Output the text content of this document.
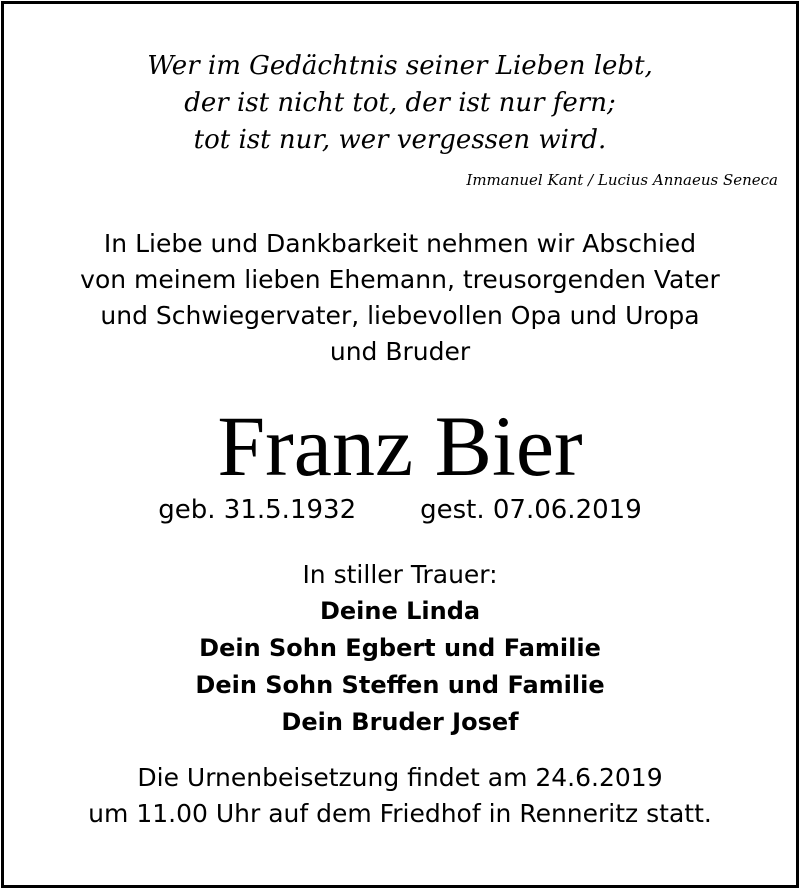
Wer im Gedächtnis seiner Lieben lebt,
der ist nicht tot, der ist nur fern;
tot ist nur, wer vergessen wird.
Immanuel Kant / Lucius Annaeus Seneca
In Liebe und Dankbarkeit nehmen wir Abschied
von meinem lieben Ehemann, treusorgenden Vater
und Schwiegervater, liebevollen Opa und Uropa
und Bruder
Franz Bier
geb. 31.5.1932 gest. 07.06.2019
In stiller Trauer:
Deine Linda
Dein Sohn Egbert und Familie
Dein Sohn Steffen und Familie
Dein Bruder Josef
Die Urnenbeisetzung findet am 24.6.2019
um 11.00 Uhr auf dem Friedhof in Renneritz statt.
